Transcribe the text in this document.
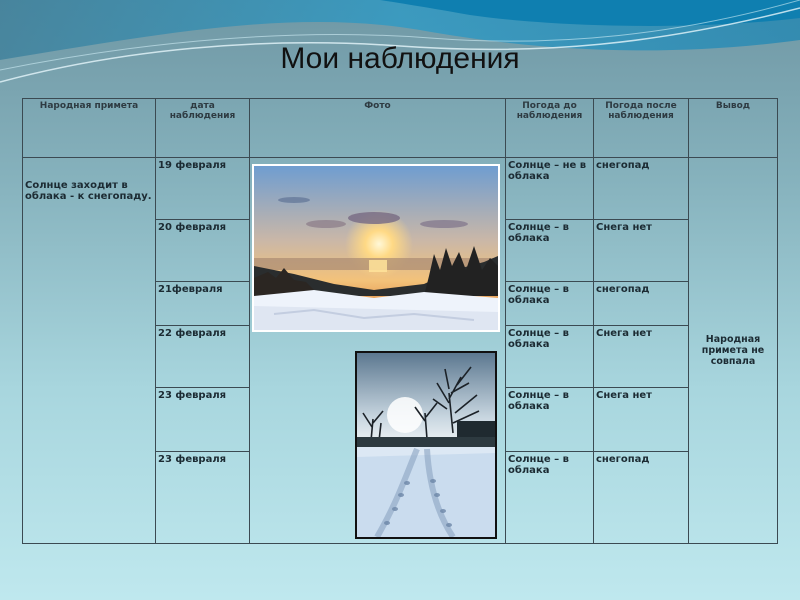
Мои наблюдения
Народная примета	дата наблюдения	Фото	Погода до наблюдения	Погода после наблюдения	Вывод
Солнце заходит в облака - к снегопаду.	19 февраля		Солнце – не в облака	снегопад	Народная примета не совпала
	20 февраля		Солнце – в облака	Снега нет	
	21февраля		Солнце – в облака	снегопад	
	22 февраля		Солнце – в облака	Снега нет	
	23 февраля		Солнце – в облака	Снега нет	
	23 февраля		Солнце – в облака	снегопад	
